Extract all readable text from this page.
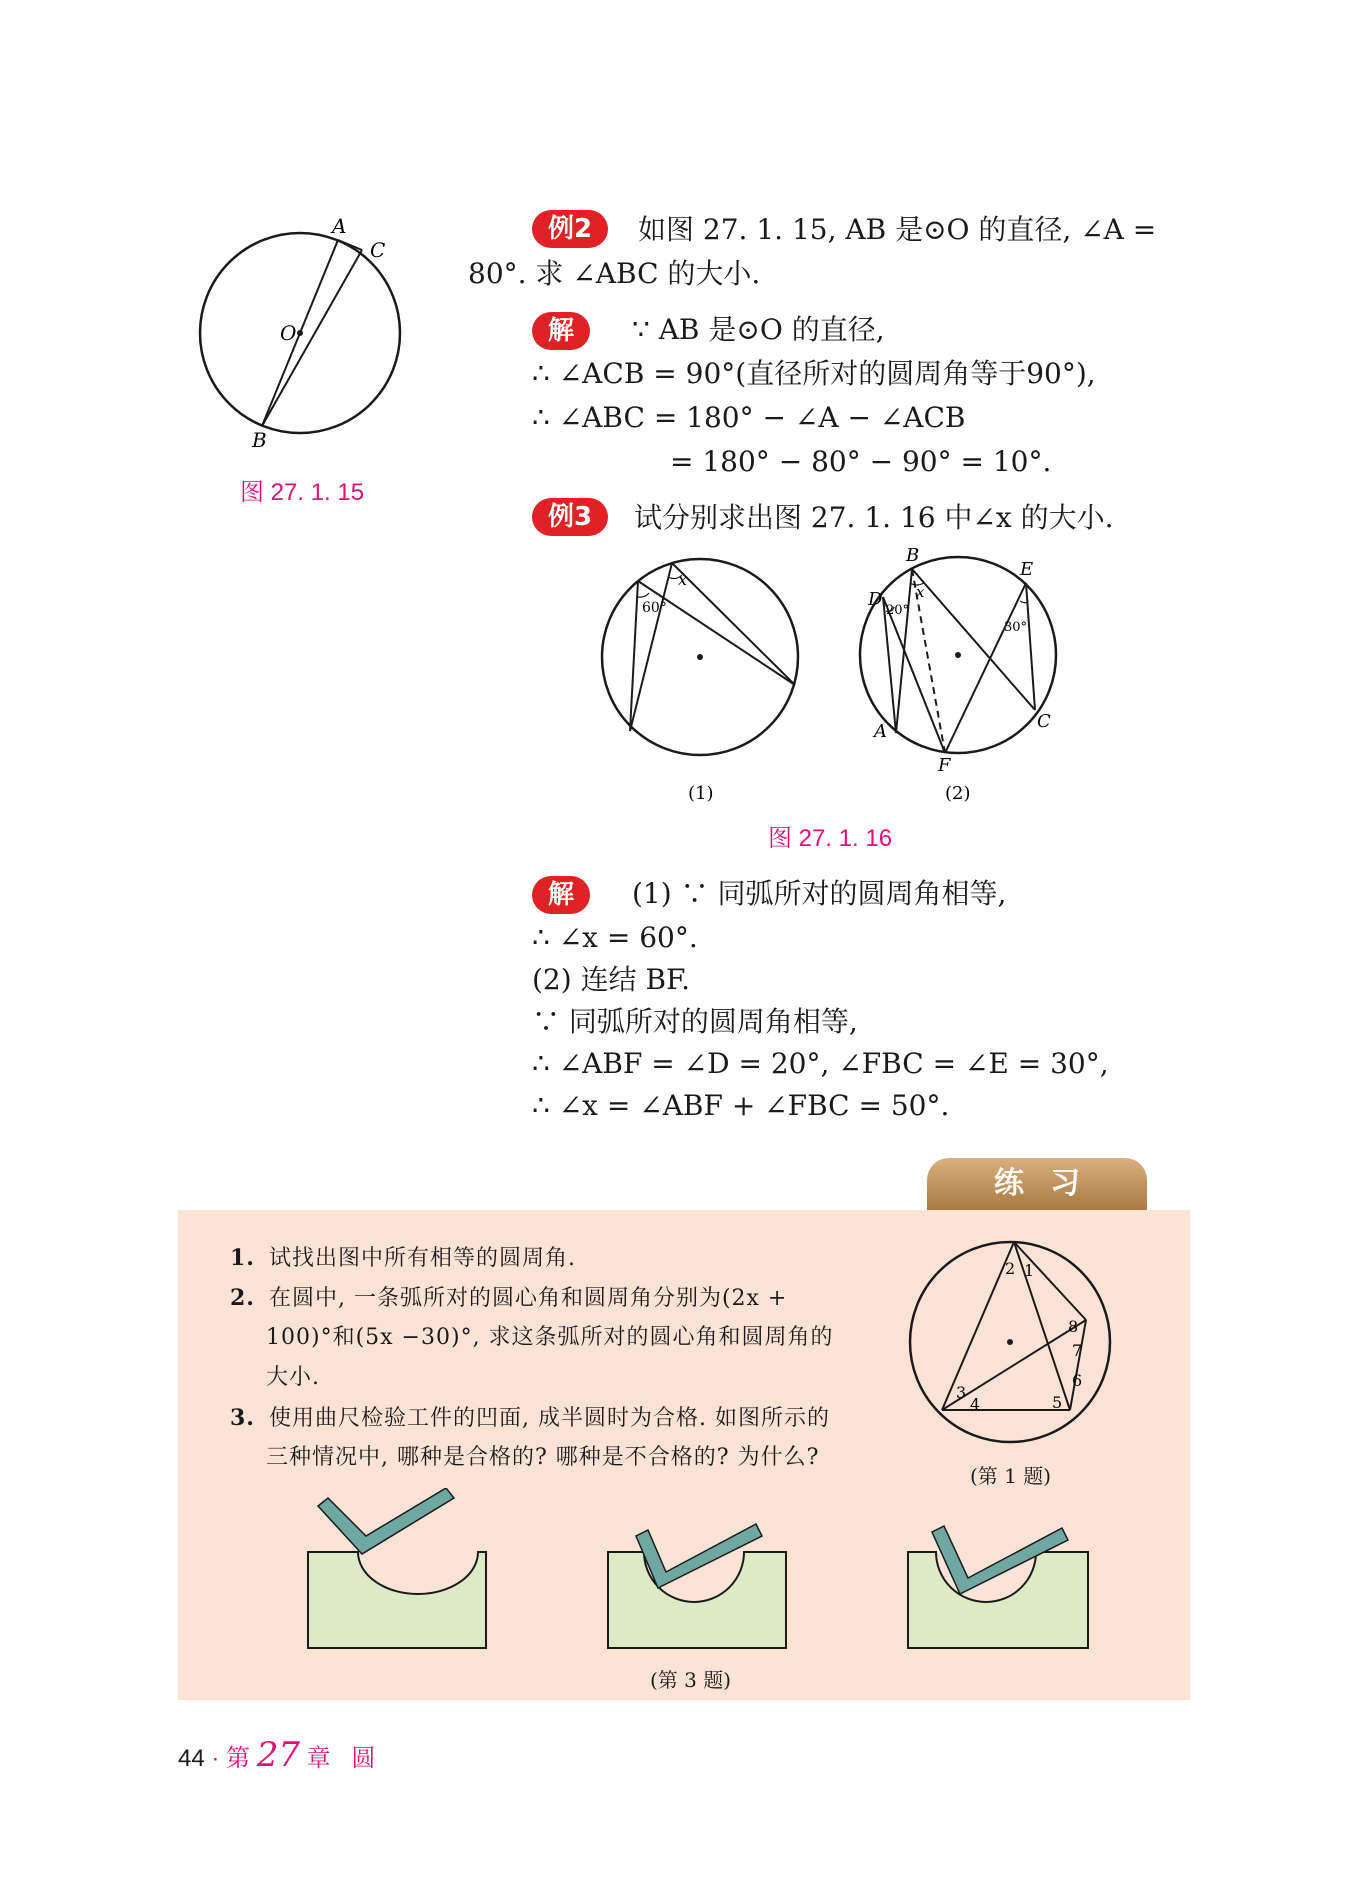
A
C
O
B
图 27. 1. 15
例2	如图 27. 1. 15, AB 是⊙O 的直径, ∠A =
80°. 求 ∠ABC 的大小.
解	∵ AB 是⊙O 的直径,
∴ ∠ACB = 90°(直径所对的圆周角等于90°),
∴ ∠ABC = 180° − ∠A − ∠ACB
= 180° − 80° − 90° = 10°.
例3	试分别求出图 27. 1. 16 中∠x 的大小.
60°
x
(1)
B
E
D
A	C
F
20°
30°
x
(2)
图 27. 1. 16
解	(1) ∵ 同弧所对的圆周角相等,
∴ ∠x = 60°.
(2) 连结 BF.
∵ 同弧所对的圆周角相等,
∴ ∠ABF = ∠D = 20°, ∠FBC = ∠E = 30°,
∴ ∠x = ∠ABF + ∠FBC = 50°.
练习
1. 试找出图中所有相等的圆周角.
2. 在圆中, 一条弧所对的圆心角和圆周角分别为(2x +
100)°和(5x −30)°, 求这条弧所对的圆心角和圆周角的
大小.
3. 使用曲尺检验工件的凹面, 成半圆时为合格. 如图所示的
三种情况中, 哪种是合格的? 哪种是不合格的? 为什么?
2 1
8
7
6
3
4	5
(第 1 题)
(第 3 题)
44 · 第 27 章 圆
